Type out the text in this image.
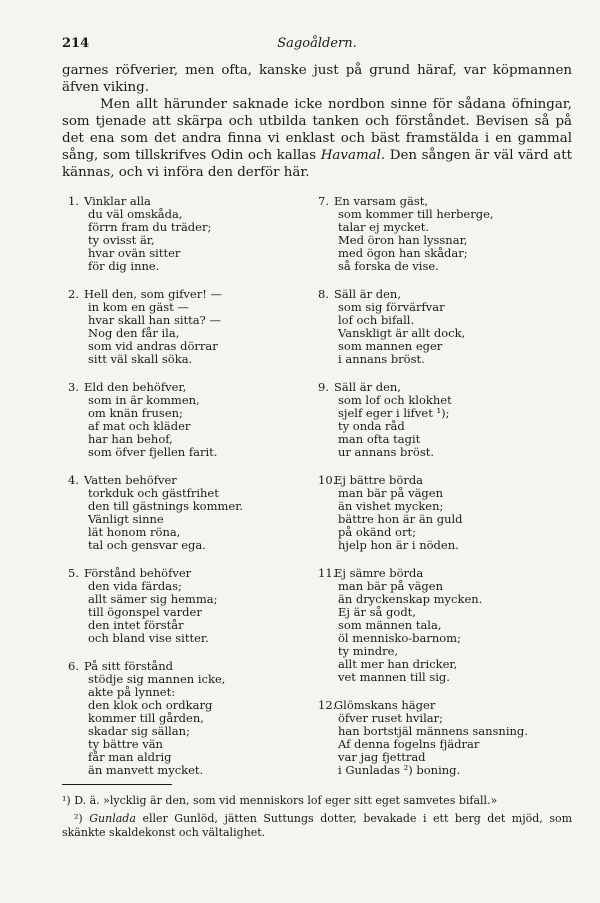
214	Sagoåldern.

garnes röfverier, men ofta, kanske just på grund häraf, var köpmannen äfven viking.

Men allt härunder saknade icke nordbon sinne för sådana öfningar, som tjenade att skärpa och utbilda tanken och förståndet. Bevisen så på det ena som det andra finna vi enklast och bäst framstälda i en gammal sång, som tillskrifves Odin och kallas Havamal. Den sången är väl värd att kännas, och vi införa den derför här.

1. Vinklar alla
du väl omskåda,
förrn fram du träder;
ty ovisst är,
hvar ovän sitter
för dig inne.
2. Hell den, som gifver! —
in kom en gäst —
hvar skall han sitta? —
Nog den får ila,
som vid andras dörrar
sitt väl skall söka.
3. Eld den behöfver,
som in är kommen,
om knän frusen;
af mat och kläder
har han behof,
som öfver fjellen farit.
4. Vatten behöfver
torkduk och gästfrihet
den till gästnings kommer.
Vänligt sinne
lät honom röna,
tal och gensvar ega.
5. Förstånd behöfver
den vida färdas;
allt sämer sig hemma;
till ögonspel varder
den intet förstår
och bland vise sitter.
6. På sitt förstånd
stödje sig mannen icke,
akte på lynnet:
den klok och ordkarg
kommer till gården,
skadar sig sällan;
ty bättre vän
får man aldrig
än manvett mycket.
7. En varsam gäst,
som kommer till herberge,
talar ej mycket.
Med öron han lyssnar,
med ögon han skådar;
så forska de vise.
8. Säll är den,
som sig förvärfvar
lof och bifall.
Vanskligt är allt dock,
som mannen eger
i annans bröst.
9. Säll är den,
som lof och klokhet
sjelf eger i lifvet ¹);
ty onda råd
man ofta tagit
ur annans bröst.
10.
Ej bättre börda
man bär på vägen
än vishet mycken;
bättre hon är än guld
på okänd ort;
hjelp hon är i nöden.
11.
Ej sämre börda
man bär på vägen
än dryckenskap mycken.
Ej är så godt,
som männen tala,
öl mennisko-barnom;
ty mindre,
allt mer han dricker,
vet mannen till sig.
12.
Glömskans häger
öfver ruset hvilar;
han bortstjäl männens sansning.
Af denna fogelns fjädrar
var jag fjettrad
i Gunladas ²) boning.

¹) D. ä. »lycklig är den, som vid menniskors lof eger sitt eget samvetes bifall.»

²) Gunlada eller Gunlöd, jätten Suttungs dotter, bevakade i ett berg det mjöd, som skänkte skaldekonst och vältalighet.
